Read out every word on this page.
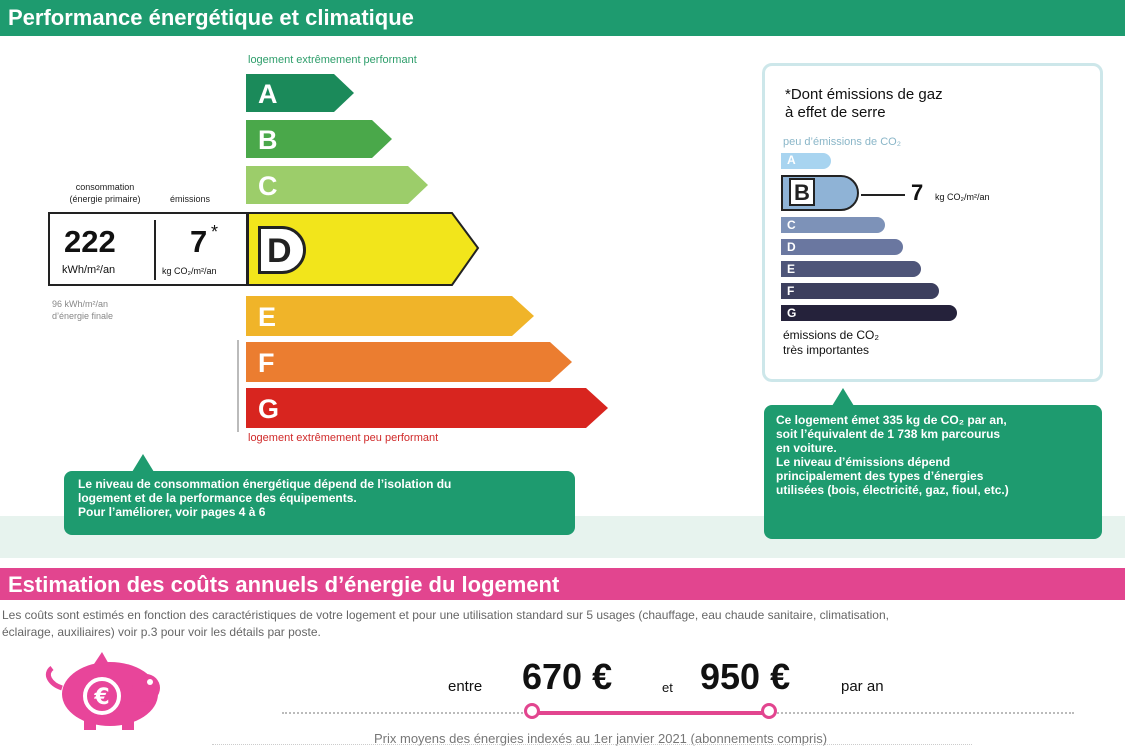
Performance énergétique et climatique
logement extrêmement performant
A
B
C
D
E
F
G
logement extrêmement peu performant
consommation
(énergie primaire)	émissions
222
kWh/m²/an
7 *
kg CO₂/m²/an
96 kWh/m²/an
d’énergie finale
Le niveau de consommation énergétique dépend de l’isolation du
logement et de la performance des équipements.
Pour l’améliorer, voir pages 4 à 6
*Dont émissions de gaz
à effet de serre
peu d’émissions de CO₂
A
B
C
D
E
F
G
7 kg CO₂/m²/an
émissions de CO₂
très importantes
Ce logement émet 335 kg de CO₂ par an,
soit l’équivalent de 1 738 km parcourus
en voiture.
Le niveau d’émissions dépend
principalement des types d’énergies
utilisées (bois, électricité, gaz, fioul, etc.)
Estimation des coûts annuels d’énergie du logement
Les coûts sont estimés en fonction des caractéristiques de votre logement et pour une utilisation standard sur 5 usages (chauffage, eau chaude sanitaire, climatisation,
éclairage, auxiliaires) voir p.3 pour voir les détails par poste.
€	entre 670 €	et 950 €	par an
Prix moyens des énergies indexés au 1er janvier 2021 (abonnements compris)
